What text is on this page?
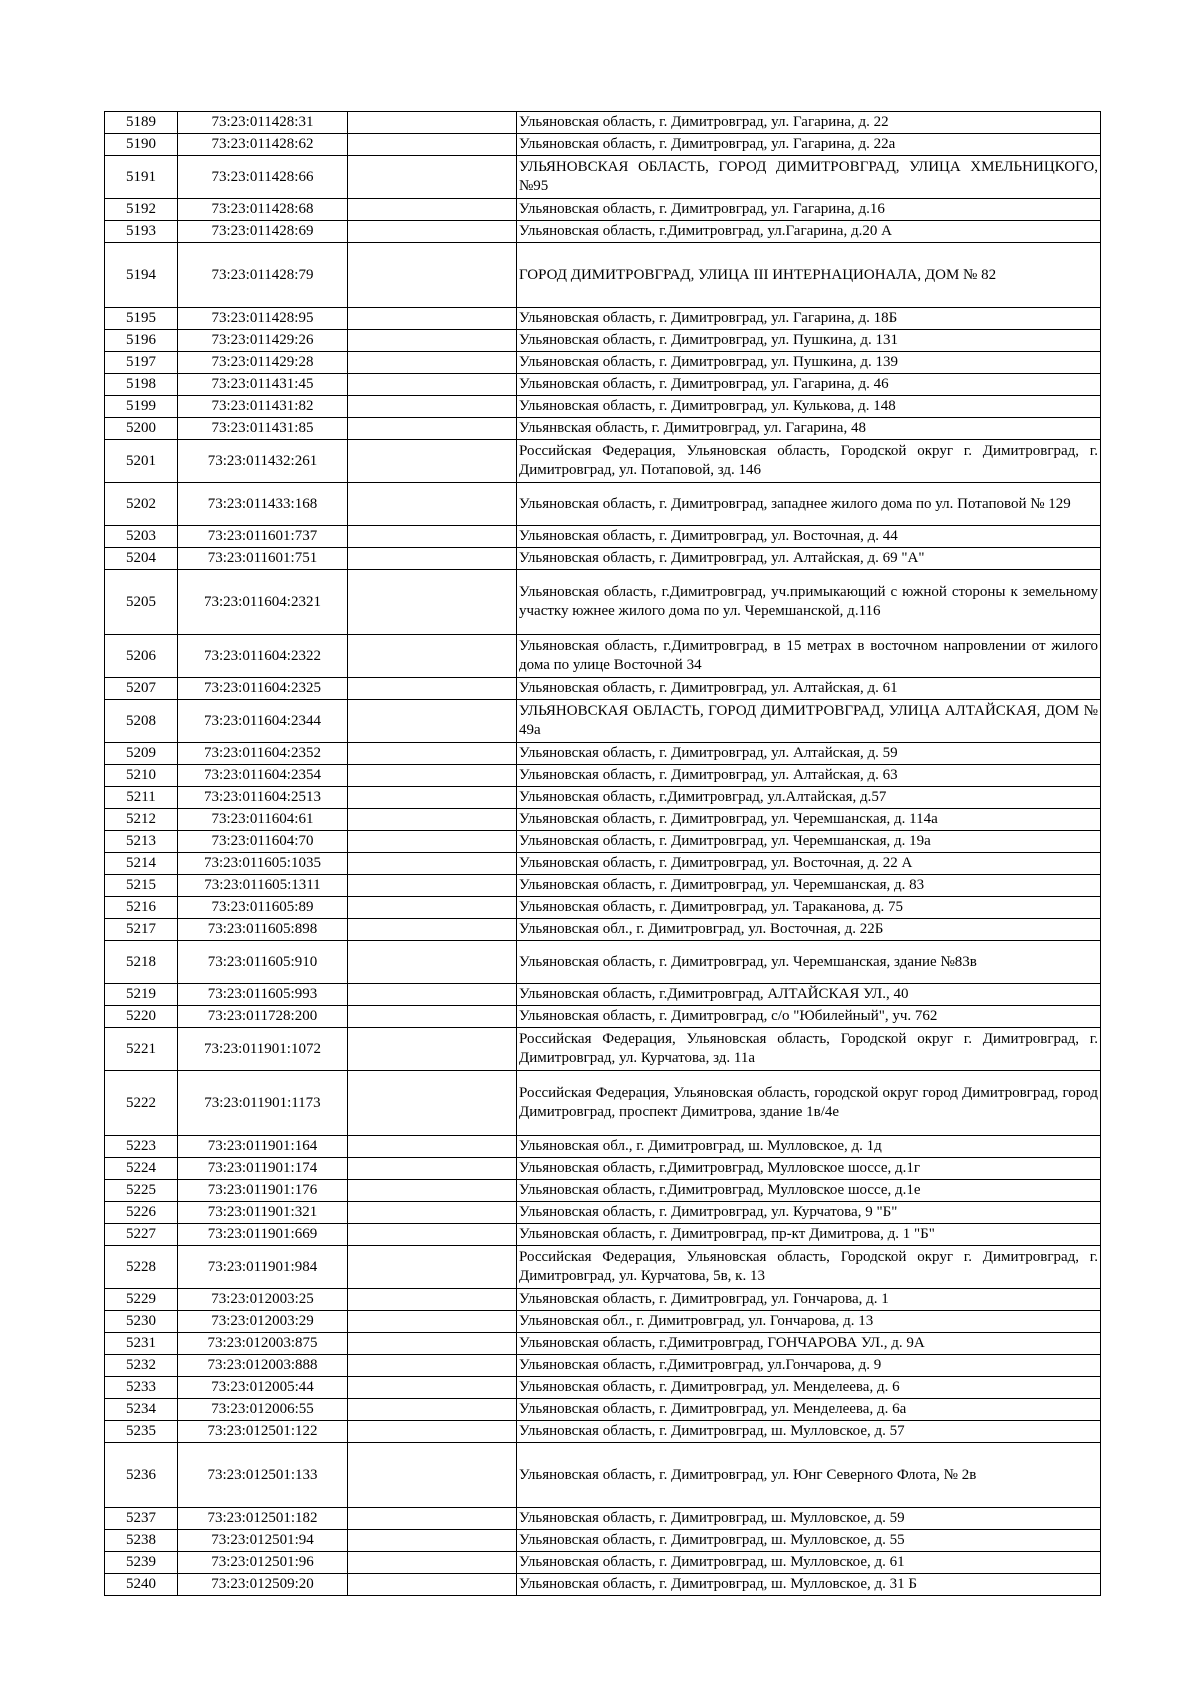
5189	73:23:011428:31		Ульяновская область, г. Димитровград, ул. Гагарина, д. 22
5190	73:23:011428:62		Ульяновская область, г. Димитровград, ул. Гагарина, д. 22а
5191	73:23:011428:66		УЛЬЯНОВСКАЯ ОБЛАСТЬ, ГОРОД ДИМИТРОВГРАД, УЛИЦА ХМЕЛЬНИЦКОГО, №95
5192	73:23:011428:68		Ульяновская область, г. Димитровград, ул. Гагарина, д.16
5193	73:23:011428:69		Ульяновская область, г.Димитровград, ул.Гагарина, д.20 А
5194	73:23:011428:79		ГОРОД ДИМИТРОВГРАД, УЛИЦА III ИНТЕРНАЦИОНАЛА, ДОМ № 82
5195	73:23:011428:95		Ульяновская область, г. Димитровград, ул. Гагарина, д. 18Б
5196	73:23:011429:26		Ульяновская область, г. Димитровград, ул. Пушкина, д. 131
5197	73:23:011429:28		Ульяновская область, г. Димитровград, ул. Пушкина, д. 139
5198	73:23:011431:45		Ульяновская область, г. Димитровград, ул. Гагарина, д. 46
5199	73:23:011431:82		Ульяновская область, г. Димитровград, ул. Кулькова, д. 148
5200	73:23:011431:85		Ульянвская область, г. Димитровград, ул. Гагарина, 48
5201	73:23:011432:261		Российская Федерация, Ульяновская область, Городской округ г. Димитровград, г. Димитровград, ул. Потаповой, зд. 146
5202	73:23:011433:168		Ульяновская область, г. Димитровград, западнее жилого дома по ул. Потаповой № 129
5203	73:23:011601:737		Ульяновская область, г. Димитровград, ул. Восточная, д. 44
5204	73:23:011601:751		Ульяновская область, г. Димитровград, ул. Алтайская, д. 69 "А"
5205	73:23:011604:2321		Ульяновская область, г.Димитровград, уч.примыкающий с южной стороны к земельному участку южнее жилого дома по ул. Черемшанской, д.116
5206	73:23:011604:2322		Ульяновская область, г.Димитровград, в 15 метрах в восточном напровлении от жилого дома по улице Восточной 34
5207	73:23:011604:2325		Ульяновская область, г. Димитровград, ул. Алтайская, д. 61
5208	73:23:011604:2344		УЛЬЯНОВСКАЯ ОБЛАСТЬ, ГОРОД ДИМИТРОВГРАД, УЛИЦА АЛТАЙСКАЯ, ДОМ № 49а
5209	73:23:011604:2352		Ульяновская область, г. Димитровград, ул. Алтайская, д. 59
5210	73:23:011604:2354		Ульяновская область, г. Димитровград, ул. Алтайская, д. 63
5211	73:23:011604:2513		Ульяновская область, г.Димитровград, ул.Алтайская, д.57
5212	73:23:011604:61		Ульяновская область, г. Димитровград, ул. Черемшанская, д. 114а
5213	73:23:011604:70		Ульяновская область, г. Димитровград, ул. Черемшанская, д. 19а
5214	73:23:011605:1035		Ульяновская область, г. Димитровград, ул. Восточная, д. 22 А
5215	73:23:011605:1311		Ульяновская область, г. Димитровград, ул. Черемшанская, д. 83
5216	73:23:011605:89		Ульяновская область, г. Димитровград, ул. Тараканова, д. 75
5217	73:23:011605:898		Ульяновская обл., г. Димитровград, ул. Восточная, д. 22Б
5218	73:23:011605:910		Ульяновская область, г. Димитровград, ул. Черемшанская, здание №83в
5219	73:23:011605:993		Ульяновская область, г.Димитровград, АЛТАЙСКАЯ УЛ., 40
5220	73:23:011728:200		Ульяновская область, г. Димитровград, с/о "Юбилейный", уч. 762
5221	73:23:011901:1072		Российская Федерация, Ульяновская область, Городской округ г. Димитровград, г. Димитровград, ул. Курчатова, зд. 11а
5222	73:23:011901:1173		Российская Федерация, Ульяновская область, городской округ город Димитровград, город Димитровград, проспект Димитрова, здание 1в/4е
5223	73:23:011901:164		Ульяновская обл., г. Димитровград, ш. Мулловское, д. 1д
5224	73:23:011901:174		Ульяновская область, г.Димитровград, Мулловское шоссе, д.1г
5225	73:23:011901:176		Ульяновская область, г.Димитровград, Мулловское шоссе, д.1е
5226	73:23:011901:321		Ульяновская область, г. Димитровград, ул. Курчатова, 9 "Б"
5227	73:23:011901:669		Ульяновская область, г. Димитровград, пр-кт Димитрова, д. 1 "Б"
5228	73:23:011901:984		Российская Федерация, Ульяновская область, Городской округ г. Димитровград, г. Димитровград, ул. Курчатова, 5в, к. 13
5229	73:23:012003:25		Ульяновская область, г. Димитровград, ул. Гончарова, д. 1
5230	73:23:012003:29		Ульяновская обл., г. Димитровград, ул. Гончарова, д. 13
5231	73:23:012003:875		Ульяновская область, г.Димитровград, ГОНЧАРОВА УЛ., д. 9А
5232	73:23:012003:888		Ульяновская область, г.Димитровград, ул.Гончарова, д. 9
5233	73:23:012005:44		Ульяновская область, г. Димитровград, ул. Менделеева, д. 6
5234	73:23:012006:55		Ульяновская область, г. Димитровград, ул. Менделеева, д. 6а
5235	73:23:012501:122		Ульяновская область, г. Димитровград, ш. Мулловское, д. 57
5236	73:23:012501:133		Ульяновская область, г. Димитровград, ул. Юнг Северного Флота, № 2в
5237	73:23:012501:182		Ульяновская область, г. Димитровград, ш. Мулловское, д. 59
5238	73:23:012501:94		Ульяновская область, г. Димитровград, ш. Мулловское, д. 55
5239	73:23:012501:96		Ульяновская область, г. Димитровград, ш. Мулловское, д. 61
5240	73:23:012509:20		Ульяновская область, г. Димитровград, ш. Мулловское, д. 31 Б
